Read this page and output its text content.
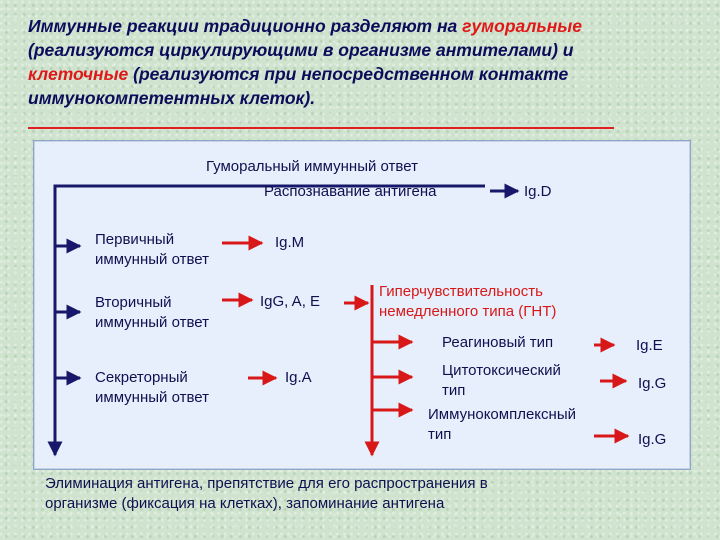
Иммунные реакции традиционно разделяют на гуморальные
(реализуются циркулирующими в организме антителами) и
клеточные (реализуются при непосредственном контакте
иммунокомпетентных клеток).

Гуморальный иммунный ответ

Распознавание антигена	Ig.D

Первичный

иммунный ответ

Ig.M

Вторичный

иммунный ответ

IgG, A, E

Секреторный

иммунный ответ

Ig.A

Гиперчувствительность

немедленного типа (ГНТ)

Реагиновый тип	Ig.E

Цитотоксический

тип	Ig.G

Иммунокомплексный

тип	Ig.G

Элиминация антигена, препятствие для его распространения в
организме (фиксация на клетках), запоминание антигена
